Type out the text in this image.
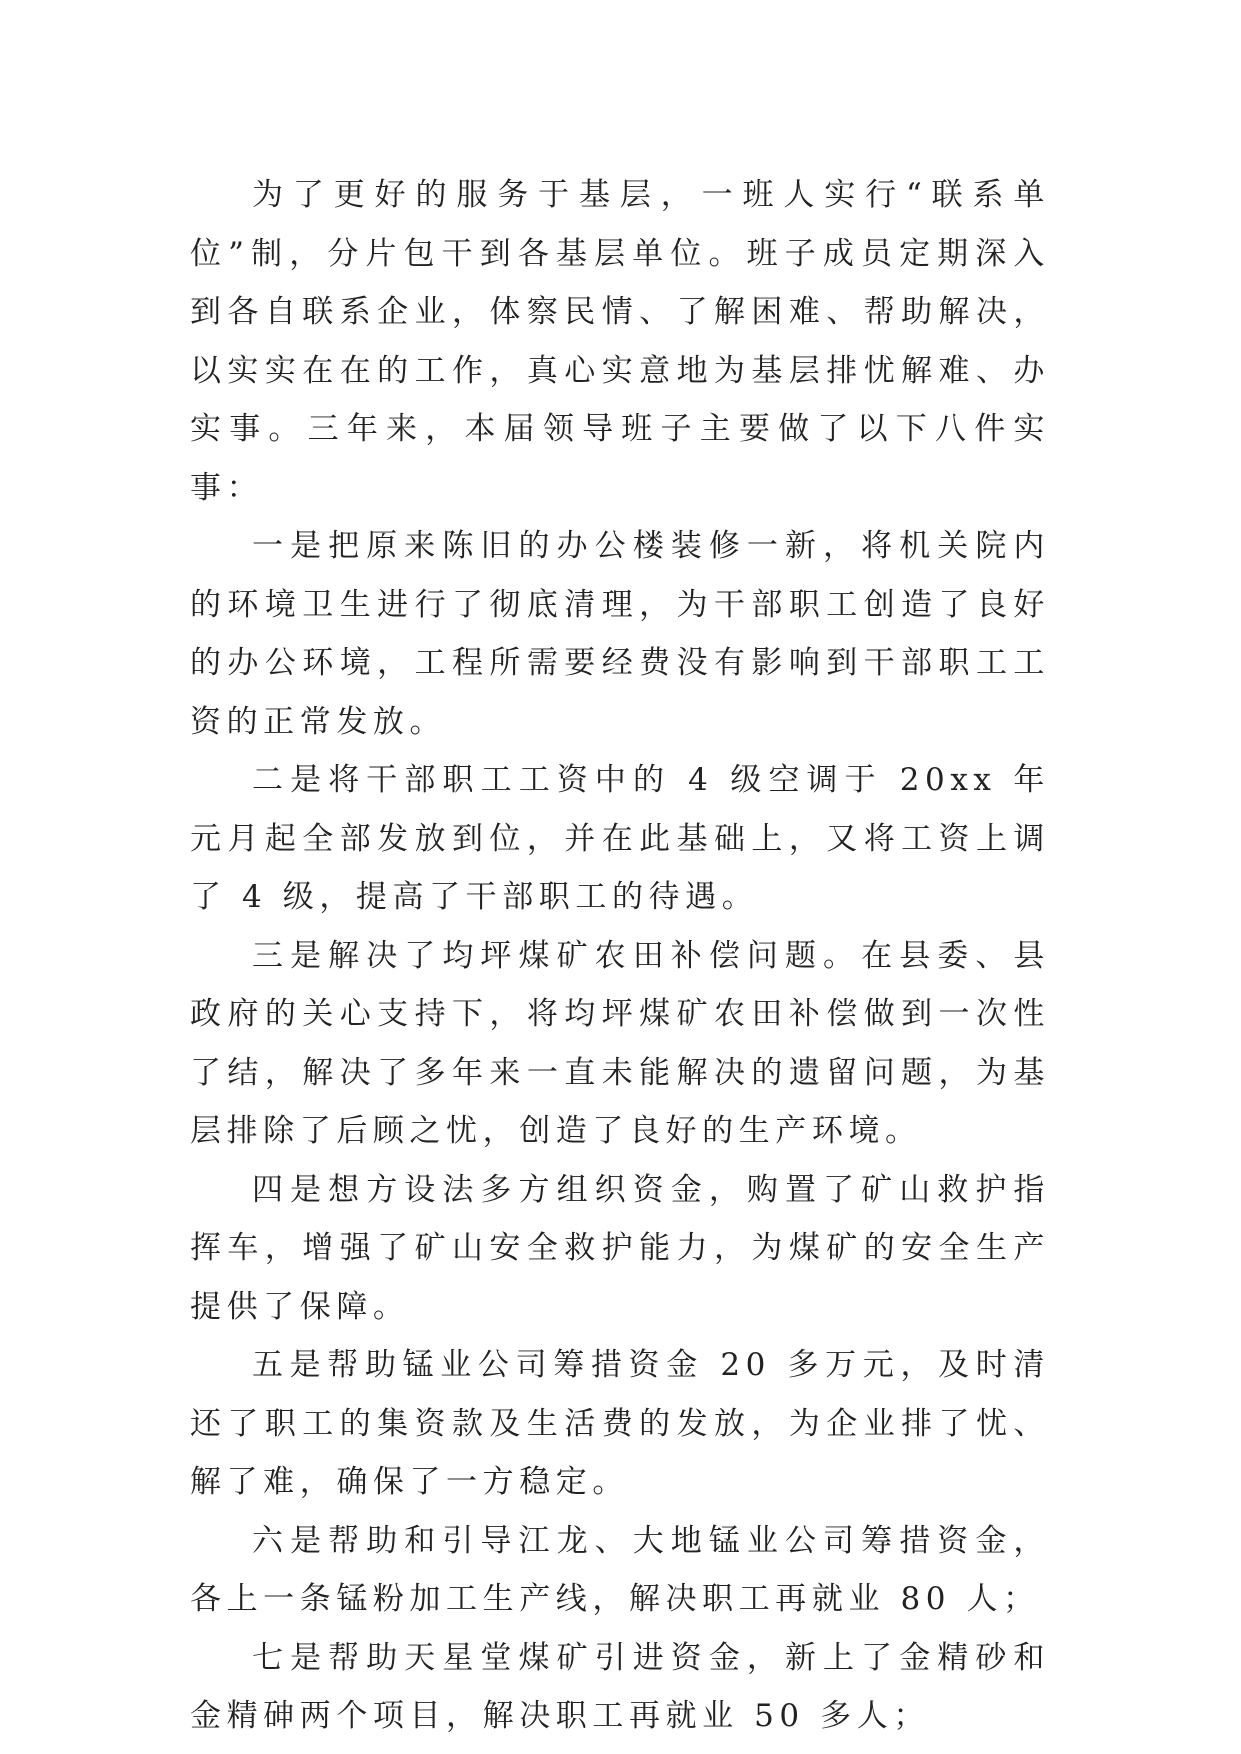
为了更好的服务于基层，一班人实行“联系单位”制，分片包干到各基层单位。班子成员定期深入到各自联系企业，体察民情、了解困难、帮助解决，以实实在在的工作，真心实意地为基层排忧解难、办实事。三年来，本届领导班子主要做了以下八件实事：

一是把原来陈旧的办公楼装修一新，将机关院内的环境卫生进行了彻底清理，为干部职工创造了良好的办公环境，工程所需要经费没有影响到干部职工工资的正常发放。

二是将干部职工工资中的 4 级空调于 20xx 年元月起全部发放到位，并在此基础上，又将工资上调了 4 级，提高了干部职工的待遇。

三是解决了均坪煤矿农田补偿问题。在县委、县政府的关心支持下，将均坪煤矿农田补偿做到一次性了结，解决了多年来一直未能解决的遗留问题，为基层排除了后顾之忧，创造了良好的生产环境。

四是想方设法多方组织资金，购置了矿山救护指挥车，增强了矿山安全救护能力，为煤矿的安全生产提供了保障。

五是帮助锰业公司筹措资金 20 多万元，及时清还了职工的集资款及生活费的发放，为企业排了忧、解了难，确保了一方稳定。

六是帮助和引导江龙、大地锰业公司筹措资金，各上一条锰粉加工生产线，解决职工再就业 80 人；

七是帮助天星堂煤矿引进资金，新上了金精砂和金精砷两个项目，解决职工再就业 50 多人；
